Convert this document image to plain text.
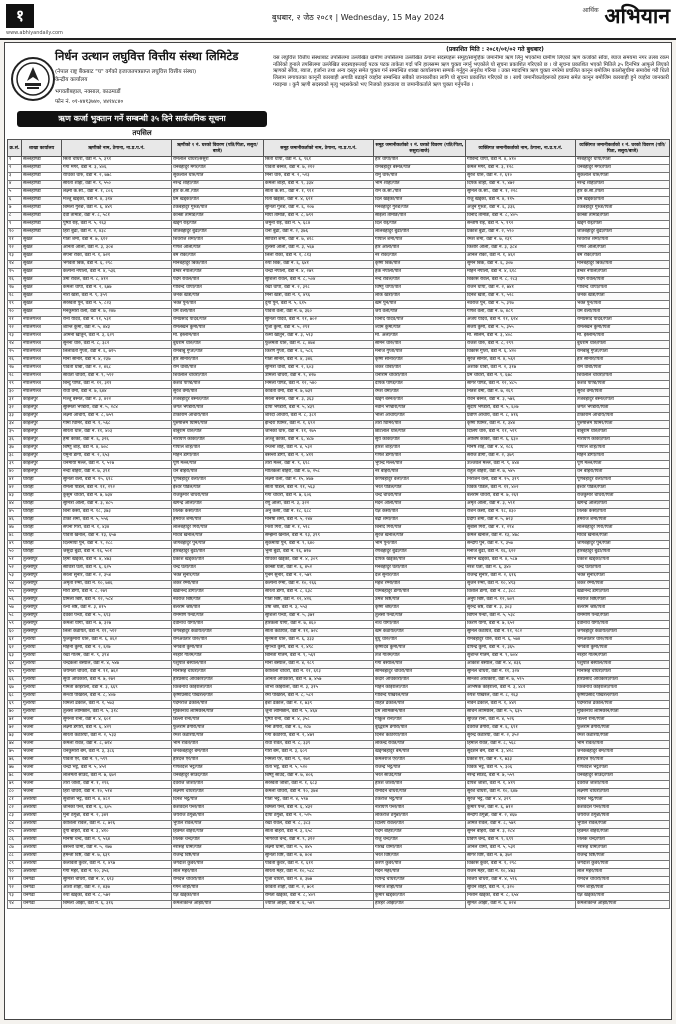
१
www.abhiyandaily.com
बुधबार, २ जेठ २०८१ | Wednesday, 15 May 2024
आर्थिक अभियान
निर्धन उत्थान लघुवित्त वित्तीय संस्था लिमिटेड
(नेपाल राष्ट्र बैंकबाट "घ" वर्गको इजाजतपत्रप्राप्त लघुवित्त वित्तीय संस्था)
केन्द्रीय कार्यालय
भगवतीबहाल, नक्साल, काठमाडौं
फोन नं. ०१-४४१३७४०, ४४१४८४०
ऋण कर्जा भुक्तान गर्ने सम्बन्धी ३५ दिने सार्वजनिक सूचना
तपसिल
(प्रकाशित मिति : २०८१/०१/०२ गते बुधबार)
यस लघुवित्त वित्तीय संस्थाबाट तपसिलमा उल्लेखित ग्रामीण तपसिलमा उल्लेखित ठेगाना सदस्यहरू समूह/सामूहिक जमानीमा ऋण लिनु भएकोमा ग्रामीण लिएको ऋण कर्जाको साँवा, ब्याज समयमा नगर तलब रकम नतिरेको हुनाले तपसिलमा उल्लेखित सदस्यहरूलाई पटक पटक ताकेता गर्दा पनि हालसम्म ऋण चुक्ता नगर्नु भएकोले यो सूचना प्रकाशित गरिएको छ । यो सूचना प्रकाशित भएको मितिले ३५ दिनभित्र आफूले लिएको ऋणको साँवा, ब्याज, हर्जाना तथा अन्य दस्तुर समेत चुक्ता गर्न सम्बन्धित शाखा कार्यालयमा सम्पर्क गर्नुहुन अनुरोध गरिन्छ । उक्त म्यादभित्र ऋण चुक्ता नगरेमा प्रचलित कानून बमोजिम कालोसूचीमा समावेश गरी धितो लिलाम लगायतका कानूनी कारबाही अगाडि बढाइने व्यहोरा सम्बन्धित सबैको जानकारीका लागि यो सूचना प्रकाशित गरिएको छ । साथै जमानीकर्ताहरूको हकमा समेत कानून बमोजिम कारबाही हुने व्यहोरा जानकारी गराइन्छ । कुनै ऋणी सदस्यको मृत्यु भइसकेको भए निजको हकवाला वा जमानीकर्ताले ऋण चुक्ता गर्नुपर्नेछ ।
क्र.सं.	शाखा कार्यालय	ऋणीको नाम, ठेगाना, ना.प्र.प.नं.	ऋणीको १ नं. घरको विवरण (पति/पिता, ससुरा/बाजे)	समूह जमानीकर्ताको नाम, ठेगाना, ना.प्र.प.नं.	समूह जमानीकर्ताको १ नं. घरको विवरण (पति/पिता, ससुरा/बाजे)	व्यक्तिगत जमानीकर्ताको नाम, ठेगाना, ना.प्र.प.नं.	व्यक्तिगत जमानीकर्ताको १ नं. घरको विवरण (पति/पिता, ससुरा/बाजे)
१	सल्लेहाण्डी	सिता चौधरी, वडा नं. ५, ३९१	रामलाल चौधरी/ससुरा	सिता थापा, वडा नं. ६, ९६१	हरि थापा/पति	गोविन्द थापा, वडा नं. ४, ४१०	नरबहादुर थापा/पिता
२	सल्लेहाण्डी	गंगा मगर, वडा नं. ३, ४०६	धनबहादुर मगर/पति	पार्वती बस्नेत, वडा नं. ७, २१२	रामबहादुर बस्नेत/पति	कमल मगर, वडा नं. ३, १२८	धनबहादुर मगर/पिता
३	सल्लेहाण्डी	राधिका थारु, वडा नं. २, ७७८	सुकलाल थारु/पति	मिना थारु, वडा नं. २, ५२३	रामु थारु/पति	सुरेश थारु, वडा नं. २, ६१०	सुकलाल थारु/पिता
४	सल्लेहाण्डी	सरिता शाही, वडा नं. ९, ५५०	नरेन्द्र शाही/पति	कमला शाही, वडा नं. ९, ३३४	भीम शाही/पति	दिपक शाही, वडा नं. ९, ४७२	नरेन्द्र शाही/पिता
५	सल्लेहाण्डी	लक्ष्मी के.सी., वडा नं. १, ८०६	हरि के.सी./पति	सीता के.सी., वडा नं. १, ९११	राम के.सी./पति	सुनिल के.सी., वडा नं. १, २२८	हरि के.सी./पिता
६	सल्लेहाण्डी	मञ्जु खड्का, वडा नं. ४, ३१४	प्रेम खड्का/पति	रिता खड्का, वडा नं. ४, ६२१	दिल खड्का/पति	राजु खड्का, वडा नं. ४, ११५	प्रेम खड्का/पिता
७	सल्लेहाण्डी	बिमला गुरुङ, वडा नं. ६, ४४९	टेकबहादुर गुरुङ/पति	सुनिता गुरुङ, वडा नं. ६, २०७	मनबहादुर गुरुङ/पति	अर्जुन गुरुङ, वडा नं. ६, ३३६	टेकबहादुर गुरुङ/पिता
८	सल्लेहाण्डी	देवी तामाङ, वडा नं. ८, ५८१	कान्छा तामाङ/पति	माया तामाङ, वडा नं. ८, ७९२	साइला तामाङ/पति	विनोद तामाङ, वडा नं. ८, ४०५	कान्छा तामाङ/पिता
९	सल्लेहाण्डी	पुष्पा राई, वडा नं. ५, २६३	खड्ग राई/पति	जमुना राई, वडा नं. ५, ६८४	दिल राई/पति	सन्तोष राई, वडा नं. ५, १९२	खड्ग राई/पिता
१०	सल्लेहाण्डी	हिरा बुढा, वडा नं. २, ४३८	जीतबहादुर बुढा/पति	धना बुढा, वडा नं. २, ३७६	लालबहादुर बुढा/पति	प्रकाश बुढा, वडा नं. २, ५९०	जीतबहादुर बुढा/पिता
११	सुर्खेत	गीता शर्मा, वडा नं. ७, ६१२	शिवराज शर्मा/पति	सावित्री शर्मा, वडा नं. ७, ४१८	गोपाल शर्मा/पति	रमेश शर्मा, वडा नं. ७, २३९	शिवराज शर्मा/पिता
१२	सुर्खेत	अनिता ओली, वडा नं. ३, ३०४	गणेश ओली/पति	तुलसी ओली, वडा नं. ३, ५६७	हरि ओली/पति	किशोर ओली, वडा नं. ३, ३८४	गणेश ओली/पिता
१३	सुर्खेत	सपना रोका, वडा नं. १, ७२१	बम रोका/पति	लिला रोका, वडा नं. १, ८१३	नर रोका/पति	अनिल रोका, वडा नं. १, ४६२	बम रोका/पिता
१४	सुर्खेत	भगवती बिक, वडा नं. ६, २९८	मानबहादुर बिक/पति	रुपा बिक, वडा नं. ६, ६४१	कृष्ण बिक/पति	सुमन बिक, वडा नं. ६, ३०७	मानबहादुर बिक/पिता
१५	सुर्खेत	कल्पना नेपाली, वडा नं. ४, ५३६	डम्बर नेपाली/पति	चन्द्रा नेपाली, वडा नं. ४, २७९	हर्क नेपाली/पति	मोहन नेपाली, वडा नं. ४, ६१८	डम्बर नेपाली/पिता
१६	सुर्खेत	उमा रावल, वडा नं. ८, ४१२	पदम रावल/पति	सुशिला रावल, वडा नं. ८, ५०४	नन्द रावल/पति	बिकास रावल, वडा नं. ८, २८३	पदम रावल/पिता
१७	सुर्खेत	कमला थापा, वडा नं. २, ६७७	गोविन्द थापा/पति	रेखा थापा, वडा नं. २, ३२८	विष्णु थापा/पति	राजन थापा, वडा नं. २, ७४१	गोविन्द थापा/पिता
१८	सुर्खेत	नीरा खत्री, वडा नं. ९, ३५९	जनक खत्री/पति	मिना खत्री, वडा नं. ९, ४९६	लोक खत्री/पति	दिनेश खत्री, वडा नं. ९, ५२८	जनक खत्री/पिता
१९	सुर्खेत	सरस्वती पुन, वडा नं. ५, ८२३	भक्त पुन/पति	दुर्गा पुन, वडा नं. ५, ६१५	खेम पुन/पति	नवराज पुन, वडा नं. ५, ३९७	भक्त पुन/पिता
२०	सुर्खेत	मनकुमारी वली, वडा नं. ७, २४७	धर्म वली/पति	पवित्रा वली, वडा नं. ७, ३६०	जय वली/पति	गणेश वली, वडा नं. ७, ४८९	धर्म वली/पिता
२१	नेपालगञ्ज	रीना यादव, वडा नं. ११, ५३१	रामप्रसाद यादव/पति	सुनिता यादव, वडा नं. ११, ७०२	विनोद यादव/पति	अजय यादव, वडा नं. ११, ६२४	रामप्रसाद यादव/पिता
२२	नेपालगञ्ज	शान्ति कुर्मी, वडा नं. ५, ४४३	रामलखन कुर्मी/पति	पूजा कुर्मी, वडा नं. ५, २९१	श्याम कुर्मी/पति	संजय कुर्मी, वडा नं. ५, ३५५	रामलखन कुर्मी/पिता
२३	नेपालगञ्ज	अमिना खातुन, वडा नं. ३, ६२९	मो. इस्लाम/पति	रेश्मा खातुन, वडा नं. ३, ५१३	मो. अली/पति	मो. सलिम, वडा नं. ३, ४०८	मो. इस्लाम/पिता
२४	नेपालगञ्ज	सुनैना थारु, वडा नं. ८, ३८२	बुधराम थारु/पति	फुलमती थारु, वडा नं. ८, ४७४	सोमन थारु/पति	राजेश थारु, वडा नं. ८, २९९	बुधराम थारु/पिता
२५	नेपालगञ्ज	लिलावती गुप्ता, वडा नं. ६, ७१५	रामबाबु गुप्ता/पति	किरण गुप्ता, वडा नं. ६, ५८६	मनोज गुप्ता/पति	विकास गुप्ता, वडा नं. ६, ४२०	रामबाबु गुप्ता/पिता
२६	नेपालगञ्ज	मीना सोनार, वडा नं. ४, २३७	हरि सोनार/पति	गीता सोनार, वडा नं. ४, ३४६	कृष्ण सोनार/पति	सुरज सोनार, वडा नं. ४, ५६२	हरि सोनार/पिता
२७	नेपालगञ्ज	पार्वती धोबी, वडा नं. २, ४६८	राम धोबी/पति	सुमित्रा धोबी, वडा नं. २, ६०३	शंकर धोबी/पति	अशोक धोबी, वडा नं. २, ३१७	राम धोबी/पिता
२८	नेपालगञ्ज	सविता चौधरी, वडा नं. ९, ५९२	शिवलाल चौधरी/पति	उर्मिला चौधरी, वडा नं. ९, ४२७	धनीराम चौधरी/पति	प्रेम चौधरी, वडा नं. ९, ६७८	शिवलाल चौधरी/पिता
२९	नेपालगञ्ज	बिन्दु पाण्डे, वडा नं. १२, ३११	केशव पाण्डे/पति	निर्मला पाण्डे, वडा नं. १२, ५४०	दीपक पाण्डे/पति	सागर पाण्डे, वडा नं. १२, ४८५	केशव पाण्डे/पिता
३०	नेपालगञ्ज	राधा वर्मा, वडा नं. ७, ६४४	सुरेश वर्मा/पति	कविता वर्मा, वडा नं. ७, ७३१	रमेश वर्मा/पति	नितेश वर्मा, वडा नं. ७, २६९	सुरेश वर्मा/पिता
३१	कोहलपुर	मञ्जु बस्नेत, वडा नं. ३, ४२२	तेजबहादुर बस्नेत/पति	सरला बस्नेत, वडा नं. ३, ३६३	खड्ग बस्नेत/पति	रविन बस्नेत, वडा नं. ३, ५७६	तेजबहादुर बस्नेत/पिता
३२	कोहलपुर	सुस्मिता भण्डारी, वडा नं. ५, २८४	जगत भण्डारी/पति	दीपा भण्डारी, वडा नं. ५, ४३९	नवीन भण्डारी/पति	सुदीप भण्डारी, वडा नं. ५, ६०७	जगत भण्डारी/पिता
३३	कोहलपुर	लक्ष्मी आचार्य, वडा नं. ८, ७५९	टीकाराम आचार्य/पति	शारदा आचार्य, वडा नं. ८, ३८१	भोला आचार्य/पति	प्रवीण आचार्य, वडा नं. ८, ४१६	टीकाराम आचार्य/पिता
३४	कोहलपुर	गोमा घिमिरे, वडा नं. १, ५६८	पुरुषोत्तम घिमिरे/पति	इन्दिरा घिमिरे, वडा नं. १, ६९२	तारा घिमिरे/पति	कृष्ण घिमिरे, वडा नं. १, ३४४	पुरुषोत्तम घिमिरे/पिता
३५	कोहलपुर	सरिता थारु, वडा नं. ११, ४०३	बाबुराम थारु/पति	जानकी थारु, वडा नं. ११, २७५	छोटेलाल थारु/पति	दिलिप थारु, वडा नं. ११, ५१९	बाबुराम थारु/पिता
३६	कोहलपुर	हेमा कार्की, वडा नं. ६, ३२६	नारायण कार्की/पति	अञ्जु कार्की, वडा नं. ६, ४८७	सुर्य कार्की/पति	आशिष कार्की, वडा नं. ६, ६३०	नारायण कार्की/पिता
३७	कोहलपुर	बिष्णु शाह, वडा नं. ४, ७०८	गोपाल शाह/पति	रन्जना शाह, वडा नं. ४, ५३२	हरिश शाह/पति	मनिष शाह, वडा नं. ४, २८६	गोपाल शाह/पिता
३८	कोहलपुर	यमुना डाँगी, वडा नं. २, ६५३	मोहन डाँगी/पति	बसन्ती डाँगी, वडा नं. २, ४११	गणेश डाँगी/पति	सरोज डाँगी, वडा नं. २, ३७९	मोहन डाँगी/पिता
३९	कोहलपुर	धनमाया मल्ल, वडा नं. ९, ५२७	पूर्ण मल्ल/पति	तारा मल्ल, वडा नं. ९, ६९८	भुपेन्द्र मल्ल/पति	उज्जवल मल्ल, वडा नं. ९, ४४४	पूर्ण मल्ल/पिता
४०	कोहलपुर	नन्दा बोहरा, वडा नं. ७, ३९१	धन बोहरा/पति	मोतिकला बोहरा, वडा नं. ७, २५८	नर बोहरा/पति	राहुल बोहरा, वडा नं. ७, ५४५	धन बोहरा/पिता
४१	घोराही	सुनिता वली, वडा नं. १५, ६१८	पूर्णबहादुर वली/पति	लक्ष्मी वली, वडा नं. १५, ४७७	कर्णबहादुर वली/पति	निराजन वली, वडा नं. १५, ३१९	पूर्णबहादुर वली/पिता
४२	घोराही	रमिला पौडेल, वडा नं. ११, २९२	ईश्वर पौडेल/पति	सीता पौडेल, वडा नं. ११, ५६३	भरत पौडेल/पति	विवेक पौडेल, वडा नं. ११, ४०२	ईश्वर पौडेल/पिता
४३	घोराही	कुसुम चौधरी, वडा नं. ७, ७३४	राजकुमार चौधरी/पति	गंगा चौधरी, वडा नं. ७, ६०६	चन्द्र चौधरी/पति	बलराम चौधरी, वडा नं. ७, २६१	राजकुमार चौधरी/पिता
४४	घोराही	सुमित्रा ओली, वडा नं. ३, ४८५	खगेन्द्र ओली/पति	रेणु ओली, वडा नं. ३, ३२२	मदन ओली/पति	अमृत ओली, वडा नं. ३, ५९१	खगेन्द्र ओली/पिता
४५	घोराही	बिना केसी, वडा नं. १८, ३७३	तिलक केसी/पति	अनु केसी, वडा नं. १८, ६८८	यज्ञ केसी/पति	रोशन केसी, वडा नं. १८, ४३०	तिलक केसी/पिता
४६	घोराही	टीका शर्मा, वडा नं. ५, ५५६	हेमराज शर्मा/पति	मनिषा शर्मा, वडा नं. ५, २४४	बद्री शर्मा/पति	प्रदीप शर्मा, वडा नं. ५, ७२३	हेमराज शर्मा/पिता
४७	घोराही	सपना गिरी, वडा नं. १, ४३४	लालबहादुर गिरी/पति	निशा गिरी, वडा नं. १, ५१८	बिनोद गिरी/पति	सुबास गिरी, वडा नं. १, २९४	लालबहादुर गिरी/पिता
४८	घोराही	पवित्रा खनाल, वडा नं. १३, ६५७	माधव खनाल/पति	सम्झना खनाल, वडा नं. १३, ३९९	सुरज खनाल/पति	कमल खनाल, वडा नं. १३, ४७८	माधव खनाल/पिता
४९	घोराही	दिलमाया पुन, वडा नं. ९, २८८	जोगबहादुर पुन/पति	सुकमाया पुन, वडा नं. ९, ६४०	भीम पुन/पति	सन्दीप पुन, वडा नं. ९, ३५७	जोगबहादुर पुन/पिता
५०	घोराही	जसुदा बुढा, वडा नं. १६, ५०१	हरिबहादुर बुढा/पति	भुमा बुढा, वडा नं. १६, ७१७	रणबहादुर बुढा/पति	मनोज बुढा, वडा नं. १६, ६२२	हरिबहादुर बुढा/पिता
५१	तुलसीपुर	हिमा खड्का, वडा नं. ४, ४७३	प्रकाश खड्का/पति	राधिका खड्का, वडा नं. ४, ३०९	दीपक खड्का/पति	सौरभ खड्का, वडा नं. ४, ५८७	प्रकाश खड्का/पिता
५२	तुलसीपुर	सावित्री घर्ती, वडा नं. ६, ६२५	चन्द्र घर्ती/पति	कान्छी घर्ती, वडा नं. ६, ४५२	मनबहादुर घर्ती/पति	नरेश घर्ती, वडा नं. ६, ३४०	चन्द्र घर्ती/पिता
५३	तुलसीपुर	सरला सुनार, वडा नं. २, ३५४	भक्त सुनार/पति	पुनम सुनार, वडा नं. २, ५७९	दल सुनार/पति	राजेन्द्र सुनार, वडा नं. २, ६१६	भक्त सुनार/पिता
५४	तुलसीपुर	अमृता रेग्मी, वडा नं. १०, ७४६	शंकर रेग्मी/पति	कल्पना रेग्मी, वडा नं. १०, २६६	महेश रेग्मी/पति	सुजन रेग्मी, वडा नं. १०, ४९३	शंकर रेग्मी/पिता
५५	तुलसीपुर	मीरा डाँगी, वडा नं. ८, २७९	खडानन्द डाँगी/पति	सरिता डाँगी, वडा नं. ८, ६३८	यामबहादुर डाँगी/पति	विशाल डाँगी, वडा नं. ८, ३८८	खडानन्द डाँगी/पिता
५६	तुलसीपुर	प्रमिला बिष्ट, वडा नं. १२, ५८४	नवराज बिष्ट/पति	गीता बिष्ट, वडा नं. १२, ४२६	उमेश बिष्ट/पति	अनुप बिष्ट, वडा नं. १२, ७०९	नवराज बिष्ट/पिता
५७	तुलसीपुर	रत्ना श्रेष्ठ, वडा नं. ३, ४१५	बलराम श्रेष्ठ/पति	उषा श्रेष्ठ, वडा नं. ३, ५५३	कृष्ण श्रेष्ठ/पति	सुरेन्द्र श्रेष्ठ, वडा नं. ३, ३०३	बलराम श्रेष्ठ/पिता
५८	तुलसीपुर	देवकी पन्थी, वडा नं. ५, ६९३	राममणि पन्थी/पति	सुशिला पन्थी, वडा नं. ५, ३७१	तुलसी पन्थी/पति	बिपिन पन्थी, वडा नं. ५, ५३८	राममणि पन्थी/पिता
५९	तुलसीपुर	कमला योगी, वडा नं. ७, ३२७	देवीनाथ योगी/पति	हरिकला योगी, वडा नं. ७, ४६०	नाथ योगी/पति	किरण योगी, वडा नं. ७, ६५२	देवीनाथ योगी/पिता
६०	तुलसीपुर	लिला कठायत, वडा नं. ११, ५१२	जगबहादुर कठायत/पति	सीता कठायत, वडा नं. ११, ७२८	खेम कठायत/पति	सुनिल कठायत, वडा नं. ११, २८२	जगबहादुर कठायत/पिता
६१	गुलरिया	फुलकुमारी थारु, वडा नं. ६, ४६२	रामअवतार थारु/पति	सुनमती थारु, वडा नं. ६, ३३३	बुधु थारु/पति	रामबहादुर थारु, वडा नं. ६, ५७४	रामअवतार थारु/पिता
६२	गुलरिया	मोहनी कुर्मी, वडा नं. २, ६२७	भगवती कुर्मी/पति	सुगन्धा कुर्मी, वडा नं. २, ४९८	कृष्णदेव कुर्मी/पति	दीपेन्द्र कुर्मी, वडा नं. २, ३६५	भगवती कुर्मी/पिता
६३	गुलरिया	रेखा गौतम, वडा नं. ९, ३९४	नरहरि गौतम/पति	बिनिता गौतम, वडा नं. ९, ५६१	तेज गौतम/पति	सुशान्त गौतम, वडा नं. ९, ७०४	नरहरि गौतम/पिता
६४	गुलरिया	चन्द्रकला बस्याल, वडा नं. ४, ५४७	पशुपति बस्याल/पति	मीना बस्याल, वडा नं. ४, २८९	गंगा बस्याल/पति	आकाश बस्याल, वडा नं. ४, ४३६	पशुपति बस्याल/पिता
६५	गुलरिया	जयमती चौधरी, वडा नं. ११, ७६२	मानसिंह चौधरी/पति	कौशिला चौधरी, वडा नं. ११, ६१३	सोमबहादुर चौधरी/पति	सुनिल चौधरी, वडा नं. ११, ३२४	मानसिंह चौधरी/पिता
६६	गुलरिया	सुधा अधिकारी, वडा नं. ७, २७२	हरिप्रसाद अधिकारी/पति	अनिता अधिकारी, वडा नं. ७, ४५७	केदार अधिकारी/पति	सन्जिव अधिकारी, वडा नं. ७, ५९५	हरिप्रसाद अधिकारी/पिता
६७	गुलरिया	गोमती कोइराला, वडा नं. ३, ६६९	विश्वनाथ कोइराला/पति	शोभा कोइराला, वडा नं. ३, ३१५	मोहन कोइराला/पति	अभिषेक कोइराला, वडा नं. ३, ४८१	विश्वनाथ कोइराला/पिता
६८	गुलरिया	सन्ध्या पोखरेल, वडा नं. ८, ४०७	कृष्णप्रसाद पोखरेल/पति	रमा पोखरेल, वडा नं. ८, ५८२	गोविन्द पोखरेल/पति	रुपेश पोखरेल, वडा नं. ८, २६३	कृष्णप्रसाद पोखरेल/पिता
६९	गुलरिया	विमला ढकाल, वडा नं. १, ५७३	पदमराज ढकाल/पति	इशा ढकाल, वडा नं. १, ७३९	रोहित ढकाल/पति	नविन ढकाल, वडा नं. १, ४४९	पदमराज ढकाल/पिता
७०	गुलरिया	तुलसा लामिछाने, वडा नं. ५, ३१८	मुक्तिनाथ लामिछाने/पति	जुना लामिछाने, वडा नं. ५, ४६४	प्रेम लामिछाने/पति	सचिन लामिछाने, वडा नं. ५, ६३५	मुक्तिनाथ लामिछाने/पिता
७१	भजनी	सुमन्त्रा राना, वडा नं. ४, ६०१	डिल्ली राना/पति	पुष्पा राना, वडा नं. ४, ३५८	गोकुल राना/पति	सुजित राना, वडा नं. ४, ५२६	डिल्ली राना/पिता
७२	भजनी	लक्ष्मी डगौरा, वडा नं. ६, ४२९	फुलराम डगौरा/पति	मैना डगौरा, वडा नं. ६, २८७	बुद्धिराम डगौरा/पति	देवराज डगौरा, वडा नं. ६, ६९१	फुलराम डगौरा/पिता
७३	भजनी	सरिता कठरिया, वडा नं. २, ५३३	रमेश कठरिया/पति	गंगा कठरिया, वडा नं. २, ४७१	दिनेश कठरिया/पति	सुरेन्द्र कठरिया, वडा नं. २, ३५२	रमेश कठरिया/पिता
७४	भजनी	कमला रावत, वडा नं. ८, ७१४	भीम रावत/पति	राधा रावत, वडा नं. ८, ३३९	लोकेन्द्र रावत/पति	हिमाल रावत, वडा नं. ८, ५६८	भीम रावत/पिता
७५	भजनी	धनकुमारी बम, वडा नं. ३, ३८६	जनकबहादुर बम/पति	गौरी बम, वडा नं. ३, ६०९	खड्गबहादुर बम/पति	सुदर्शन बम, वडा नं. ३, ४२८	जनकबहादुर बम/पिता
७६	भजनी	पार्वती ऐर, वडा नं. ९, ५९९	हरिदत्त ऐर/पति	निर्मला ऐर, वडा नं. ९, २७१	कमलराज ऐर/पति	प्रकाश ऐर, वडा नं. ९, ७३३	हरिदत्त ऐर/पिता
७७	भजनी	चन्द्रा भट्ट, वडा नं. ५, ४५१	गणेशदत्त भट्ट/पति	रीता भट्ट, वडा नं. ५, ५२०	राजेन्द्र भट्ट/पति	विवेक भट्ट, वडा नं. ५, ३०६	गणेशदत्त भट्ट/पिता
७८	भजनी	लालमती साउद, वडा नं. ७, ६७२	धनबहादुर साउद/पति	बिष्णु साउद, वडा नं. ७, ४०६	भरत साउद/पति	नरेन्द्र साउद, वडा नं. ७, ५५९	धनबहादुर साउद/पिता
७९	भजनी	तारा जोशी, वडा नं. १, २९६	देवराज जोशी/पति	सरस्वती जोशी, वडा नं. १, ६८३	हरिश जोशी/पति	दीपेश जोशी, वडा नं. १, ४१९	देवराज जोशी/पिता
८०	भजनी	हिरा चौधरी, वडा नं. १०, ५१४	लक्ष्मण चौधरी/पति	कमला चौधरी, वडा नं. १०, ३७४	रामदिन चौधरी/पति	सुरेश चौधरी, वडा नं. १०, ६४७	लक्ष्मण चौधरी/पिता
८१	अत्तरिया	सुशीला भट्ट, वडा नं. ४, ४८२	दिनेश भट्ट/पति	गीता भट्ट, वडा नं. ४, ५९७	टेकराज भट्ट/पति	सुरज भट्ट, वडा नं. ४, ३२९	दिनेश भट्ट/पिता
८२	अत्तरिया	जानकी पन्त, वडा नं. ६, ६०५	केशवदत्त पन्त/पति	बिमला पन्त, वडा नं. ६, ४३२	नारायण पन्त/पति	कुमार पन्त, वडा नं. ६, ७१२	केशवदत्त पन्त/पिता
८३	अत्तरिया	मुना ठगुन्ना, वडा नं. २, ३४१	जयराज ठगुन्ना/पति	दीपा ठगुन्ना, वडा नं. २, ५२५	लोकराज ठगुन्ना/पति	सन्दीप ठगुन्ना, वडा नं. २, ४६७	जयराज ठगुन्ना/पिता
८४	अत्तरिया	कौशिला रावल, वडा नं. ८, ७२६	भुपाल रावल/पति	रेखा रावल, वडा नं. ८, ३८३	दिलिप रावल/पति	अमित रावल, वडा नं. ८, ५७९	भुपाल रावल/पिता
८५	अत्तरिया	दुर्गा बोहरा, वडा नं. ३, ४१०	हिक्मत बोहरा/पति	सीता बोहरा, वडा नं. ३, ६५८	पदम बोहरा/पति	सुमन बोहरा, वडा नं. ३, २८४	हिक्मत बोहरा/पिता
८६	अत्तरिया	मनिषा चन्द, वडा नं. ९, ५६४	तिलक चन्द/पति	भागरथी चन्द, वडा नं. ९, ३१२	राजु चन्द/पति	प्रविण चन्द, वडा नं. ९, ६९९	तिलक चन्द/पिता
८७	अत्तरिया	बसन्ती धामी, वडा नं. ५, २७७	नरसिंह धामी/पति	लक्ष्मी धामी, वडा नं. ५, ४४५	गोरख धामी/पति	अनिल धामी, वडा नं. ५, ५३१	नरसिंह धामी/पिता
८८	अत्तरिया	हेमन्ती विष्ट, वडा नं. ७, ६३९	राजेन्द्र विष्ट/पति	सुनिता विष्ट, वडा नं. ७, ४०४	भरत विष्ट/पति	सागर विष्ट, वडा नं. ७, ३७२	राजेन्द्र विष्ट/पिता
८९	अत्तरिया	कलावती कुँवर, वडा नं. १, ४९७	जगदीश कुँवर/पति	पार्वती कुँवर, वडा नं. १, ६११	करण कुँवर/पति	विकास कुँवर, वडा नं. १, २९८	जगदीश कुँवर/पिता
९०	अत्तरिया	गंगा महर, वडा नं. १०, ३५६	लाल महर/पति	सरिता महर, वडा नं. १०, ५८८	मदन महर/पति	राजन महर, वडा नं. १०, ४७३	लाल महर/पिता
९१	धनगढी	सुमित्रा चौधरी, वडा नं. ४, ६२३	रामदत्त चौधरी/पति	पूजा चौधरी, वडा नं. ४, ३७७	दिपेन्द्र चौधरी/पति	बिजय चौधरी, वडा नं. ४, ५१६	रामदत्त चौधरी/पिता
९२	धनगढी	आशा शाही, वडा नं. २, ४३७	गगन शाही/पति	कविता शाही, वडा नं. २, ७०१	मनोज शाही/पति	सुविन शाही, वडा नं. २, ३२०	गगन शाही/पिता
९३	धनगढी	रुपा खड्का, वडा नं. ८, ५७२	यज्ञ खड्का/पति	रमिता खड्का, वडा नं. ८, ४०९	कुमार खड्का/पति	निशान खड्का, वडा नं. ८, ६५४	यज्ञ खड्का/पिता
९४	धनगढी	बिमला ओझा, वडा नं. ६, ३१६	कमलाकान्त ओझा/पति	ज्योति ओझा, वडा नं. ६, ५४९	हरिहर ओझा/पति	सुमित ओझा, वडा नं. ६, ४२४	कमलाकान्त ओझा/पिता
